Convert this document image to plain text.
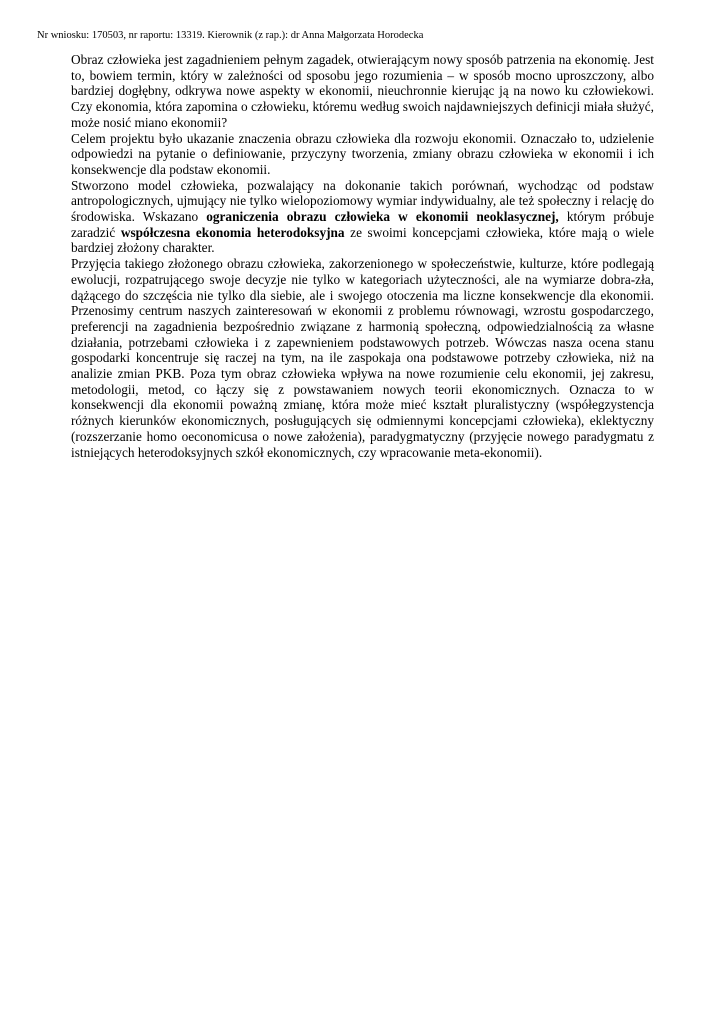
Nr wniosku: 170503, nr raportu: 13319. Kierownik (z rap.): dr Anna Małgorzata Horodecka

Obraz człowieka jest zagadnieniem pełnym zagadek, otwierającym nowy sposób patrzenia na ekonomię. Jest to, bowiem termin, który w zależności od sposobu jego rozumienia – w sposób mocno uproszczony, albo bardziej dogłębny, odkrywa nowe aspekty w ekonomii, nieuchronnie kierując ją na nowo ku człowiekowi. Czy ekonomia, która zapomina o człowieku, któremu według swoich najdawniejszych definicji miała służyć, może nosić miano ekonomii?

Celem projektu było ukazanie znaczenia obrazu człowieka dla rozwoju ekonomii. Oznaczało to, udzielenie odpowiedzi na pytanie o definiowanie, przyczyny tworzenia, zmiany obrazu człowieka w ekonomii i ich konsekwencje dla podstaw ekonomii.

Stworzono model człowieka, pozwalający na dokonanie takich porównań, wychodząc od podstaw antropologicznych, ujmujący nie tylko wielopoziomowy wymiar indywidualny, ale też społeczny i relację do środowiska. Wskazano ograniczenia obrazu człowieka w ekonomii neoklasycznej, którym próbuje zaradzić współczesna ekonomia heterodoksyjna ze swoimi koncepcjami człowieka, które mają o wiele bardziej złożony charakter.

Przyjęcia takiego złożonego obrazu człowieka, zakorzenionego w społeczeństwie, kulturze, które podlegają ewolucji, rozpatrującego swoje decyzje nie tylko w kategoriach użyteczności, ale na wymiarze dobra-zła, dążącego do szczęścia nie tylko dla siebie, ale i swojego otoczenia ma liczne konsekwencje dla ekonomii. Przenosimy centrum naszych zainteresowań w ekonomii z problemu równowagi, wzrostu gospodarczego, preferencji na zagadnienia bezpośrednio związane z harmonią społeczną, odpowiedzialnością za własne działania, potrzebami człowieka i z zapewnieniem podstawowych potrzeb. Wówczas nasza ocena stanu gospodarki koncentruje się raczej na tym, na ile zaspokaja ona podstawowe potrzeby człowieka, niż na analizie zmian PKB. Poza tym obraz człowieka wpływa na nowe rozumienie celu ekonomii, jej zakresu, metodologii, metod, co łączy się z powstawaniem nowych teorii ekonomicznych. Oznacza to w konsekwencji dla ekonomii poważną zmianę, która może mieć kształt pluralistyczny (współegzystencja różnych kierunków ekonomicznych, posługujących się odmiennymi koncepcjami człowieka), eklektyczny (rozszerzanie homo oeconomicusa o nowe założenia), paradygmatyczny (przyjęcie nowego paradygmatu z istniejących heterodoksyjnych szkół ekonomicznych, czy wpracowanie meta-ekonomii).
